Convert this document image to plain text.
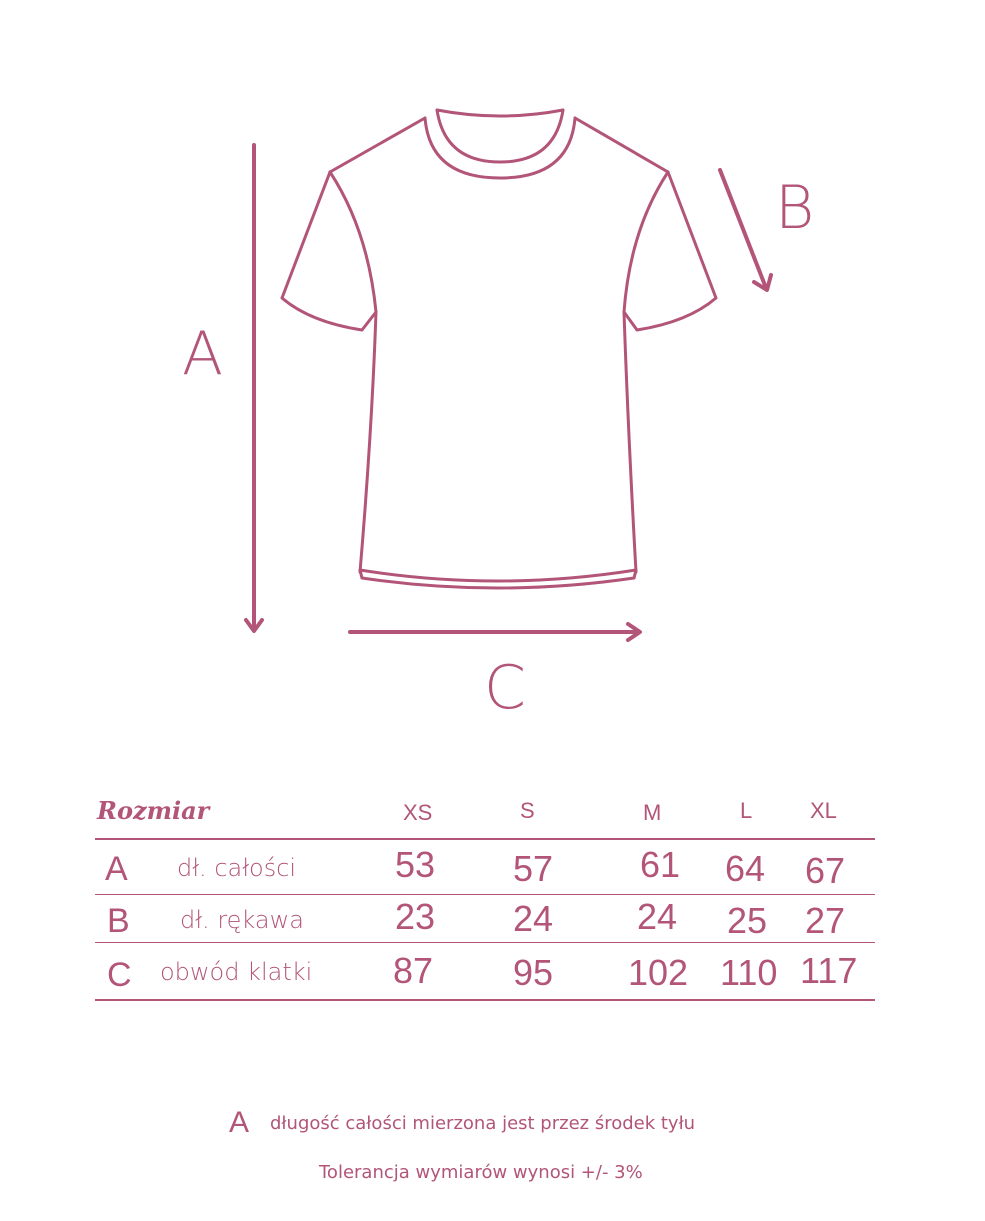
A
B
C
Rozmiar	XS	S	M	L	XL
A dł. całości	53 57 61 64 67
B dł. rękawa	23 24 24 25 27
C obwód klatki 87 95 102 110 117
A długość całości mierzona jest przez środek tyłu
Tolerancja wymiarów wynosi +/- 3%
